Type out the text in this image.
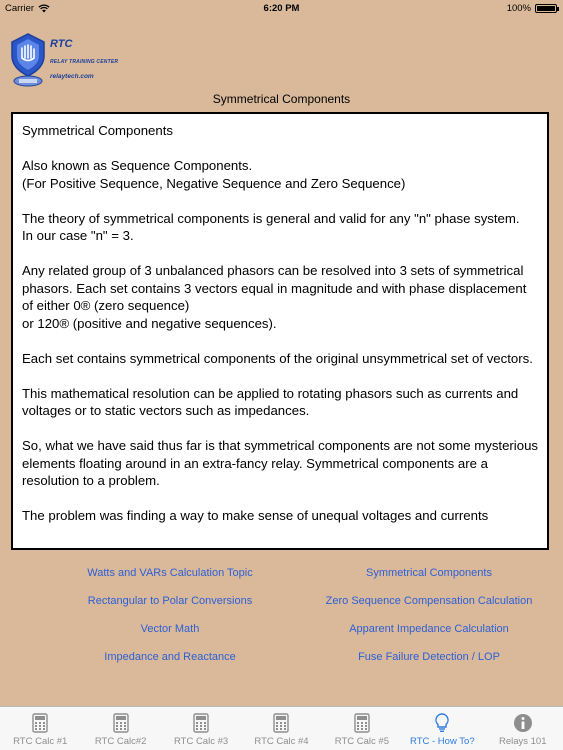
Carrier	6:20 PM	100%
RTC
RELAY TRAINING CENTER
relaytech.com
Symmetrical Components

Symmetrical Components

Also known as Sequence Components.
(For Positive Sequence, Negative Sequence and Zero Sequence)

The theory of symmetrical components is general and valid for any "n" phase system.
In our case "n" = 3.

Any related group of 3 unbalanced phasors can be resolved into 3 sets of symmetrical phasors. Each set contains 3 vectors equal in magnitude and with phase displacement of either 0® (zero sequence)
or 120® (positive and negative sequences).

Each set contains symmetrical components of the original unsymmetrical set of vectors.

This mathematical resolution can be applied to rotating phasors such as currents and voltages or to static vectors such as impedances.

So, what we have said thus far is that symmetrical components are not some mysterious elements floating around in an extra-fancy relay. Symmetrical components are a resolution to a problem.

The problem was finding a way to make sense of unequal voltages and currents

Watts and VARs Calculation Topic	Symmetrical Components
Rectangular to Polar Conversions	Zero Sequence Compensation Calculation
Vector Math	Apparent Impedance Calculation
Impedance and Reactance	Fuse Failure Detection / LOP
RTC Calc #1	RTC Calc#2	RTC Calc #3	RTC Calc #4	RTC Calc #5 RTC - How To?	Relays 101
